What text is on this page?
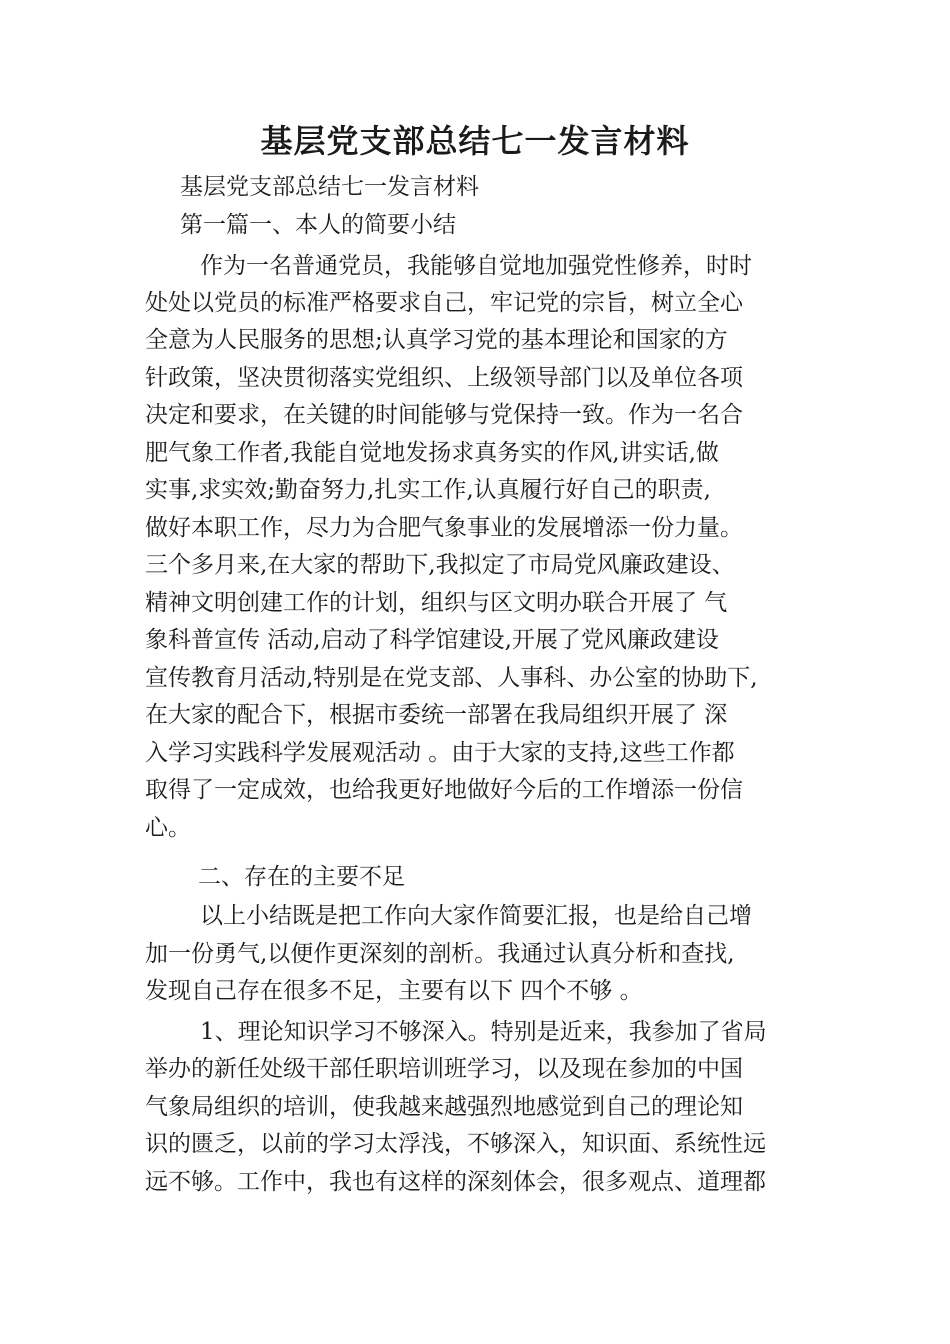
基层党支部总结七一发言材料

基层党支部总结七一发言材料

第一篇一、本人的简要小结

作为一名普通党员，我能够自觉地加强党性修养，时时

处处以党员的标准严格要求自己，牢记党的宗旨，树立全心

全意为人民服务的思想;认真学习党的基本理论和国家的方

针政策，坚决贯彻落实党组织、上级领导部门以及单位各项

决定和要求，在关键的时间能够与党保持一致。作为一名合

肥气象工作者,我能自觉地发扬求真务实的作风,讲实话,做

实事,求实效;勤奋努力,扎实工作,认真履行好自己的职责,

做好本职工作，尽力为合肥气象事业的发展增添一份力量。

三个多月来,在大家的帮助下,我拟定了市局党风廉政建设、

精神文明创建工作的计划，组织与区文明办联合开展了 气

象科普宣传 活动,启动了科学馆建设,开展了党风廉政建设

宣传教育月活动,特别是在党支部、人事科、办公室的协助下,

在大家的配合下，根据市委统一部署在我局组织开展了 深

入学习实践科学发展观活动 。由于大家的支持,这些工作都

取得了一定成效，也给我更好地做好今后的工作增添一份信

心。

二、存在的主要不足

以上小结既是把工作向大家作简要汇报，也是给自己增

加一份勇气,以便作更深刻的剖析。我通过认真分析和查找,

发现自己存在很多不足，主要有以下 四个不够 。

1、理论知识学习不够深入。特别是近来，我参加了省局

举办的新任处级干部任职培训班学习，以及现在参加的中国

气象局组织的培训，使我越来越强烈地感觉到自己的理论知

识的匮乏，以前的学习太浮浅，不够深入，知识面、系统性远

远不够。工作中，我也有这样的深刻体会，很多观点、道理都
